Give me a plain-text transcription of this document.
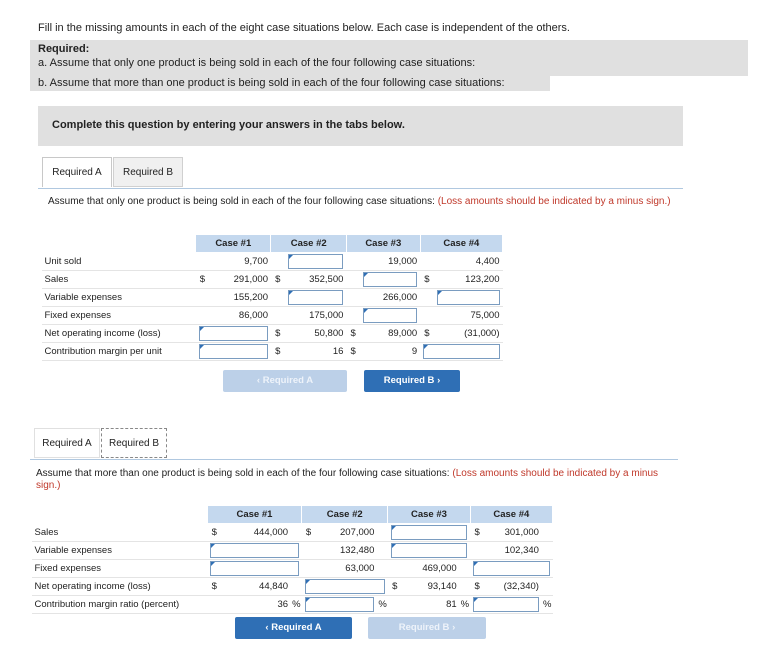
Fill in the missing amounts in each of the eight case situations below. Each case is independent of the others.
Required:
a. Assume that only one product is being sold in each of the four following case situations:
b. Assume that more than one product is being sold in each of the four following case situations:
Complete this question by entering your answers in the tabs below.
Required A	Required B
Assume that only one product is being sold in each of the four following case situations: (Loss amounts should be indicated by a minus sign.)
	Case #1		Case #2		Case #3		Case #4	
Unit sold		9,700				19,000		4,400
Sales	$	291,000	$	352,500			$	123,200
Variable expenses		155,200				266,000		
Fixed expenses		86,000		175,000				75,000
Net operating income (loss)			$	50,800	$	89,000	$	(31,000)
Contribution margin per unit			$	16	$	9		
‹ Required A	Required B ›
Required A	Required B
Assume that more than one product is being sold in each of the four following case situations: (Loss amounts should be indicated by a minus sign.)
	Case #1			Case #2			Case #3			Case #4		
Sales	$	444,000		$	207,000					$	301,000	
Variable expenses					132,480						102,340	
Fixed expenses					63,000			469,000				
Net operating income (loss)	$	44,840					$	93,140		$	(32,340)	
Contribution margin ratio (percent)		36	%			%		81	%			%
‹ Required A	Required B ›
